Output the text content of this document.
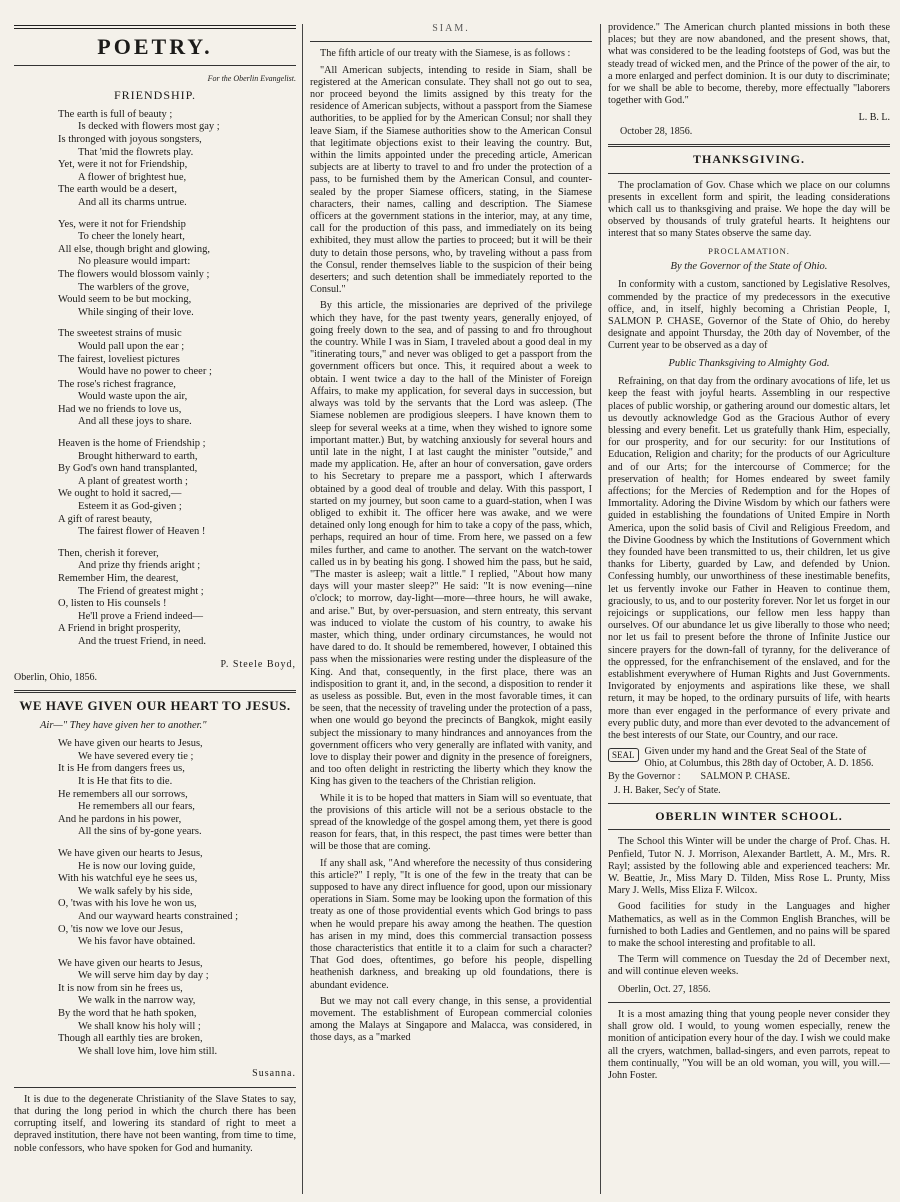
POETRY.
For the Oberlin Evangelist.
FRIENDSHIP.
The earth is full of beauty ;
Is decked with flowers most gay ;
Is thronged with joyous songsters,
That 'mid the flowrets play.
Yet, were it not for Friendship,
A flower of brightest hue,
The earth would be a desert,
And all its charms untrue.
Yes, were it not for Friendship
To cheer the lonely heart,
All else, though bright and glowing,
No pleasure would impart:
The flowers would blossom vainly ;
The warblers of the grove,
Would seem to be but mocking,
While singing of their love.
The sweetest strains of music
Would pall upon the ear ;
The fairest, loveliest pictures
Would have no power to cheer ;
The rose's richest fragrance,
Would waste upon the air,
Had we no friends to love us,
And all these joys to share.
Heaven is the home of Friendship ;
Brought hitherward to earth,
By God's own hand transplanted,
A plant of greatest worth ;
We ought to hold it sacred,—
Esteem it as God-given ;
A gift of rarest beauty,
The fairest flower of Heaven !
Then, cherish it forever,
And prize thy friends aright ;
Remember Him, the dearest,
The Friend of greatest might ;
O, listen to His counsels !
He'll prove a Friend indeed—
A Friend in bright prosperity,
And the truest Friend, in need.
P. Steele Boyd,
Oberlin, Ohio, 1856.
WE HAVE GIVEN OUR HEART TO JESUS.
Air—" They have given her to another."
We have given our hearts to Jesus,
We have severed every tie ;
It is He from dangers frees us,
It is He that fits to die.
He remembers all our sorrows,
He remembers all our fears,
And he pardons in his power,
All the sins of by-gone years.
We have given our hearts to Jesus,
He is now our loving guide,
With his watchful eye he sees us,
We walk safely by his side,
O, 'twas with his love he won us,
And our wayward hearts constrained ;
O, 'tis now we love our Jesus,
We his favor have obtained.
We have given our hearts to Jesus,
We will serve him day by day ;
It is now from sin he frees us,
We walk in the narrow way,
By the word that he hath spoken,
We shall know his holy will ;
Though all earthly ties are broken,
We shall love him, love him still.
Susanna.

It is due to the degenerate Christianity of the Slave States to say, that during the long period in which the church there has been corrupting itself, and lowering its standard of right to meet a depraved institution, there have not been wanting, from time to time, noble confessors, who have spoken for God and humanity.

SIAM.

The fifth article of our treaty with the Siamese, is as follows :

"All American subjects, intending to reside in Siam, shall be registered at the American consulate. They shall not go out to sea, nor proceed beyond the limits assigned by this treaty for the residence of American subjects, without a passport from the Siamese authorities, to be applied for by the American Consul; nor shall they leave Siam, if the Siamese authorities show to the American Consul that legitimate objections exist to their leaving the country. But, within the limits appointed under the preceding article, American subjects are at liberty to travel to and fro under the protection of a pass, to be furnished them by the American Consul, and counter-sealed by the proper Siamese officers, stating, in the Siamese characters, their names, calling and description. The Siamese officers at the government stations in the interior, may, at any time, call for the production of this pass, and immediately on its being exhibited, they must allow the parties to proceed; but it will be their duty to detain those persons, who, by traveling without a pass from the Consul, render themselves liable to the suspicion of their being deserters; and such detention shall be immediately reported to the Consul."

By this article, the missionaries are deprived of the privilege which they have, for the past twenty years, generally enjoyed, of going freely down to the sea, and of passing to and fro throughout the country. While I was in Siam, I traveled about a good deal in my "itinerating tours," and never was obliged to get a passport from the government officers but once. This, it required about a week to obtain. I went twice a day to the hall of the Minister of Foreign Affairs, to make my application, for several days in succession, but always was told by the servants that the Lord was asleep. (The Siamese noblemen are prodigious sleepers. I have known them to sleep for several weeks at a time, when they wished to ignore some important matter.) But, by watching anxiously for several hours and until late in the night, I at last caught the minister "outside," and made my application. He, after an hour of conversation, gave orders to his Secretary to prepare me a passport, which I afterwards obtained by a good deal of trouble and delay. With this passport, I started on my journey, but soon came to a guard-station, when I was obliged to exhibit it. The officer here was awake, and we were detained only long enough for him to take a copy of the pass, which, perhaps, required an hour of time. From here, we passed on a few miles further, and came to another. The servant on the watch-tower called us in by beating his gong. I showed him the pass, but he said, "The master is asleep; wait a little." I replied, "About how many days will your master sleep?" He said: "It is now evening—nine o'clock; to morrow, day-light—more—three hours, he will awake, and arise." But, by over-persuasion, and stern entreaty, this servant was induced to violate the custom of his country, to awake his master, which thing, under ordinary circumstances, he would not have dared to do. It should be remembered, however, I obtained this pass when the missionaries were resting under the displeasure of the King. And that, consequently, in the first place, there was an indisposition to grant it, and, in the second, a disposition to render it as useless as possible. But, even in the most favorable times, it can be seen, that the necessity of traveling under the protection of a pass, when one would go beyond the precincts of Bangkok, might easily subject the missionary to many hindrances and annoyances from the government officers who very generally are inflated with vanity, and love to display their power and dignity in the presence of foreigners, and too often delight in restricting the liberty which they know the King has given to the teachers of the Christian religion.

While it is to be hoped that matters in Siam will so eventuate, that the provisions of this article will not be a serious obstacle to the spread of the knowledge of the gospel among them, yet there is good reason for fears, that, in this respect, the past times were better than will be those that are coming.

If any shall ask, "And wherefore the necessity of thus considering this article?" I reply, "It is one of the few in the treaty that can be supposed to have any direct influence for good, upon our missionary operations in Siam. Some may be looking upon the formation of this treaty as one of those providential events which God brings to pass when he would prepare his away among the heathen. The question has arisen in my mind, does this commercial transaction possess those characteristics that entitle it to a claim for such a character? That God does, oftentimes, go before his people, dispelling heathenish darkness, and breaking up old foundations, there is abundant evidence.

But we may not call every change, in this sense, a providential movement. The establishment of European commercial colonies among the Malays at Singapore and Malacca, was considered, in those days, as a "marked

providence." The American church planted missions in both these places; but they are now abandoned, and the present shows, that, what was considered to be the leading footsteps of God, was but the steady tread of wicked men, and the Prince of the power of the air, to a more enlarged and perfect dominion. It is our duty to discriminate; for we shall be able to become, thereby, more effectually "laborers together with God."

L. B. L.
October 28, 1856.
THANKSGIVING.

The proclamation of Gov. Chase which we place on our columns presents in excellent form and spirit, the leading considerations which call us to thanksgiving and praise. We hope the day will be observed by thousands of truly grateful hearts. It heightens our interest that so many States observe the same day.

PROCLAMATION.
By the Governor of the State of Ohio.

In conformity with a custom, sanctioned by Legislative Resolves, commended by the practice of my predecessors in the executive office, and, in itself, highly becoming a Christian People, I, SALMON P. CHASE, Governor of the State of Ohio, do hereby designate and appoint Thursday, the 20th day of November, of the Current year to be observed as a day of

Public Thanksgiving to Almighty God.

Refraining, on that day from the ordinary avocations of life, let us keep the feast with joyful hearts. Assembling in our respective places of public worship, or gathering around our domestic altars, let us devoutly acknowledge God as the Gracious Author of every blessing and every benefit. Let us gratefully thank Him, especially, for our prosperity, and for our security: for our Institutions of Education, Religion and charity; for the products of our Agriculture and of our Arts; for the intercourse of Commerce; for the preservation of health; for Homes endeared by sweet family affections; for the Mercies of Redemption and for the Hopes of Immortality. Adoring the Divine Wisdom by which our fathers were guided in establishing the foundations of United Empire in North America, upon the solid basis of Civil and Religious Freedom, and the Divine Goodness by which the Institutions of Government which they founded have been transmitted to us, their children, let us give thanks for Liberty, guarded by Law, and defended by Union. Confessing humbly, our unworthiness of these inestimable benefits, let us fervently invoke our Father in Heaven to continue them, graciously, to us, and to our posterity forever. Nor let us forget in our rejoicings or supplications, our fellow men less happy than ourselves. Of our abundance let us give liberally to those who need; nor let us fail to present before the throne of Infinite Justice our sincere prayers for the down-fall of tyranny, for the deliverance of the oppressed, for the enfranchisement of the enslaved, and for the establishment everywhere of Human Rights and Just Governments. Invigorated by enjoyments and aspirations like these, we shall return, it may be hoped, to the ordinary pursuits of life, with hearts more than ever engaged in the performance of every private and every public duty, and more than ever devoted to the advancement of the best interests of our State, our Country, and our race.

SEAL	Given under my hand and the Great Seal of the State of Ohio, at Columbus, this 28th day of October, A. D. 1856.
By the Governor : SALMON P. CHASE.
J. H. Baker, Sec'y of State.
OBERLIN WINTER SCHOOL.

The School this Winter will be under the charge of Prof. Chas. H. Penfield, Tutor N. J. Morrison, Alexander Bartlett, A. M., Mrs. R. Rayl; assisted by the following able and experienced teachers: Mr. W. Beattie, Jr., Miss Mary D. Tilden, Miss Rose L. Prunty, Miss Mary J. Wells, Miss Eliza F. Wilcox.

Good facilities for study in the Languages and higher Mathematics, as well as in the Common English Branches, will be furnished to both Ladies and Gentlemen, and no pains will be spared to make the school interesting and profitable to all.

The Term will commence on Tuesday the 2d of December next, and will continue eleven weeks.

Oberlin, Oct. 27, 1856.

It is a most amazing thing that young people never consider they shall grow old. I would, to young women especially, renew the monition of anticipation every hour of the day. I wish we could make all the cryers, watchmen, ballad-singers, and even parrots, repeat to them continually, "You will be an old woman, you will, you will.—John Foster.
